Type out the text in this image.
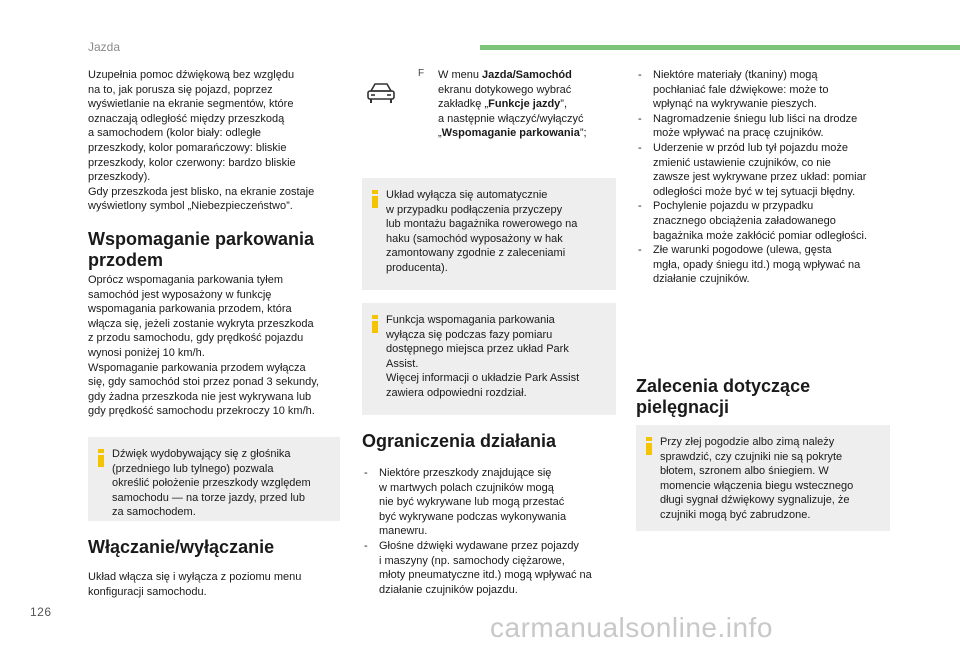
Jazda

Uzupełnia pomoc dźwiękową bez względu
na to, jak porusza się pojazd, poprzez
wyświetlanie na ekranie segmentów, które
oznaczają odległość między przeszkodą
a samochodem (kolor biały: odległe
przeszkody, kolor pomarańczowy: bliskie
przeszkody, kolor czerwony: bardzo bliskie
przeszkody).
Gdy przeszkoda jest blisko, na ekranie zostaje
wyświetlony symbol „Niebezpieczeństwo”.

Wspomaganie parkowania
przodem

Oprócz wspomagania parkowania tyłem
samochód jest wyposażony w funkcję
wspomagania parkowania przodem, która
włącza się, jeżeli zostanie wykryta przeszkoda
z przodu samochodu, gdy prędkość pojazdu
wynosi poniżej 10 km/h.
Wspomaganie parkowania przodem wyłącza
się, gdy samochód stoi przez ponad 3 sekundy,
gdy żadna przeszkoda nie jest wykrywana lub
gdy prędkość samochodu przekroczy 10 km/h.

Dźwięk wydobywający się z głośnika
(przedniego lub tylnego) pozwala
określić położenie przeszkody względem
samochodu — na torze jazdy, przed lub
za samochodem.

Włączanie/wyłączanie

Układ włącza się i wyłącza z poziomu menu
konfiguracji samochodu.

F W menu Jazda/Samochód
ekranu dotykowego wybrać
zakładkę „Funkcje jazdy”,
a następnie włączyć/wyłączyć
„Wspomaganie parkowania”;

Układ wyłącza się automatycznie
w przypadku podłączenia przyczepy
lub montażu bagażnika rowerowego na
haku (samochód wyposażony w hak
zamontowany zgodnie z zaleceniami
producenta).

Funkcja wspomagania parkowania
wyłącza się podczas fazy pomiaru
dostępnego miejsca przez układ Park
Assist.
Więcej informacji o układzie Park Assist
zawiera odpowiedni rozdział.

Ograniczenia działania
- Niektóre przeszkody znajdujące się
w martwych polach czujników mogą
nie być wykrywane lub mogą przestać
być wykrywane podczas wykonywania
manewru.
- Głośne dźwięki wydawane przez pojazdy
i maszyny (np. samochody ciężarowe,
młoty pneumatyczne itd.) mogą wpływać na
działanie czujników pojazdu.
- Niektóre materiały (tkaniny) mogą
pochłaniać fale dźwiękowe: może to
wpłynąć na wykrywanie pieszych.
- Nagromadzenie śniegu lub liści na drodze
może wpływać na pracę czujników.
- Uderzenie w przód lub tył pojazdu może
zmienić ustawienie czujników, co nie
zawsze jest wykrywane przez układ: pomiar
odległości może być w tej sytuacji błędny.
- Pochylenie pojazdu w przypadku
znacznego obciążenia załadowanego
bagażnika może zakłócić pomiar odległości.
- Złe warunki pogodowe (ulewa, gęsta
mgła, opady śniegu itd.) mogą wpływać na
działanie czujników.
Zalecenia dotyczące
pielęgnacji

Przy złej pogodzie albo zimą należy
sprawdzić, czy czujniki nie są pokryte
błotem, szronem albo śniegiem. W
momencie włączenia biegu wstecznego
długi sygnał dźwiękowy sygnalizuje, że
czujniki mogą być zabrudzone.

126	carmanualsonline.info
